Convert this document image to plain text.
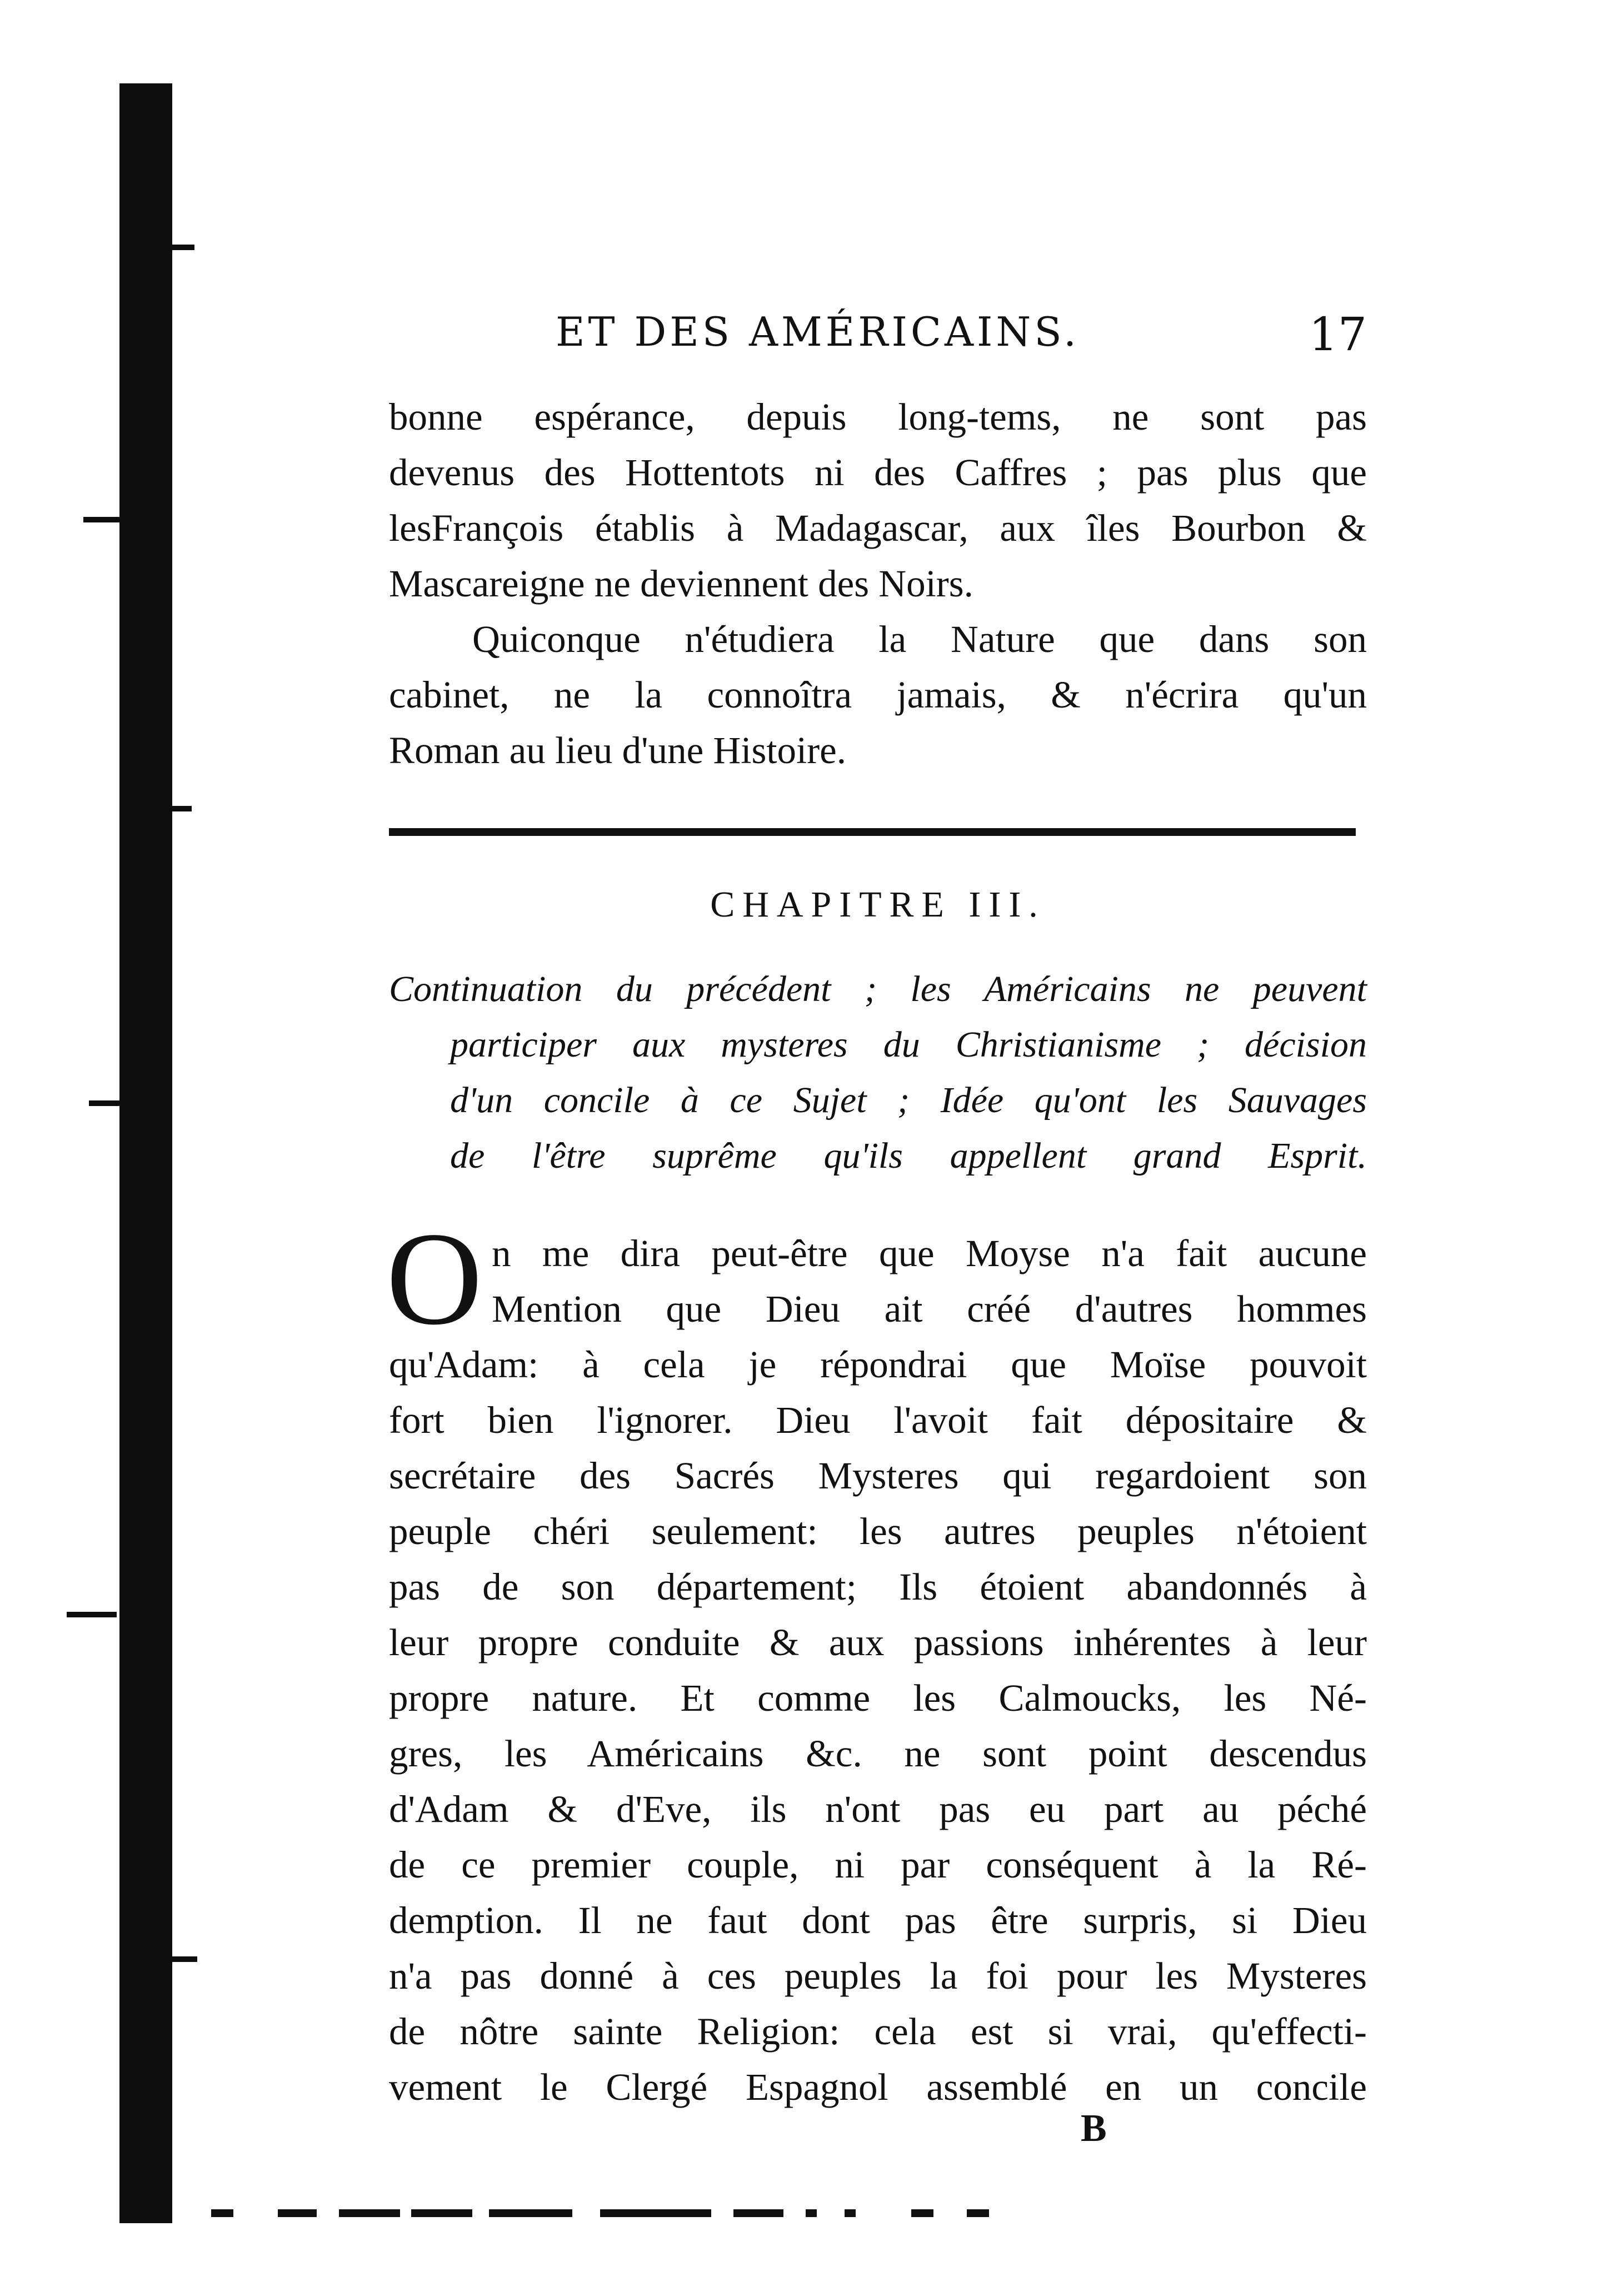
ET DES AMÉRICAINS.	17
bonne espérance, depuis long-tems, ne sont pas
devenus des Hottentots ni des Caffres ; pas plus que
lesFrançois établis à Madagascar, aux îles Bourbon &
Mascareigne ne deviennent des Noirs.
Quiconque n'étudiera la Nature que dans son
cabinet, ne la connoîtra jamais, & n'écrira qu'un
Roman au lieu d'une Histoire.
CHAPITRE III.
Continuation du précédent ; les Américains ne peuvent
participer aux mysteres du Christianisme ; décision
d'un concile à ce Sujet ; Idée qu'ont les Sauvages
de l'être suprême qu'ils appellent grand Esprit.
O n me dira peut-être que Moyse n'a fait aucune
Mention que Dieu ait créé d'autres hommes
qu'Adam: à cela je répondrai que Moïse pouvoit
fort bien l'ignorer. Dieu l'avoit fait dépositaire &
secrétaire des Sacrés Mysteres qui regardoient son
peuple chéri seulement: les autres peuples n'étoient
pas de son département; Ils étoient abandonnés à
leur propre conduite & aux passions inhérentes à leur
propre nature. Et comme les Calmoucks, les Né-
gres, les Américains &c. ne sont point descendus
d'Adam & d'Eve, ils n'ont pas eu part au péché
de ce premier couple, ni par conséquent à la Ré-
demption. Il ne faut dont pas être surpris, si Dieu
n'a pas donné à ces peuples la foi pour les Mysteres
de nôtre sainte Religion: cela est si vrai, qu'effecti-
vement le Clergé Espagnol assemblé en un concile
B
